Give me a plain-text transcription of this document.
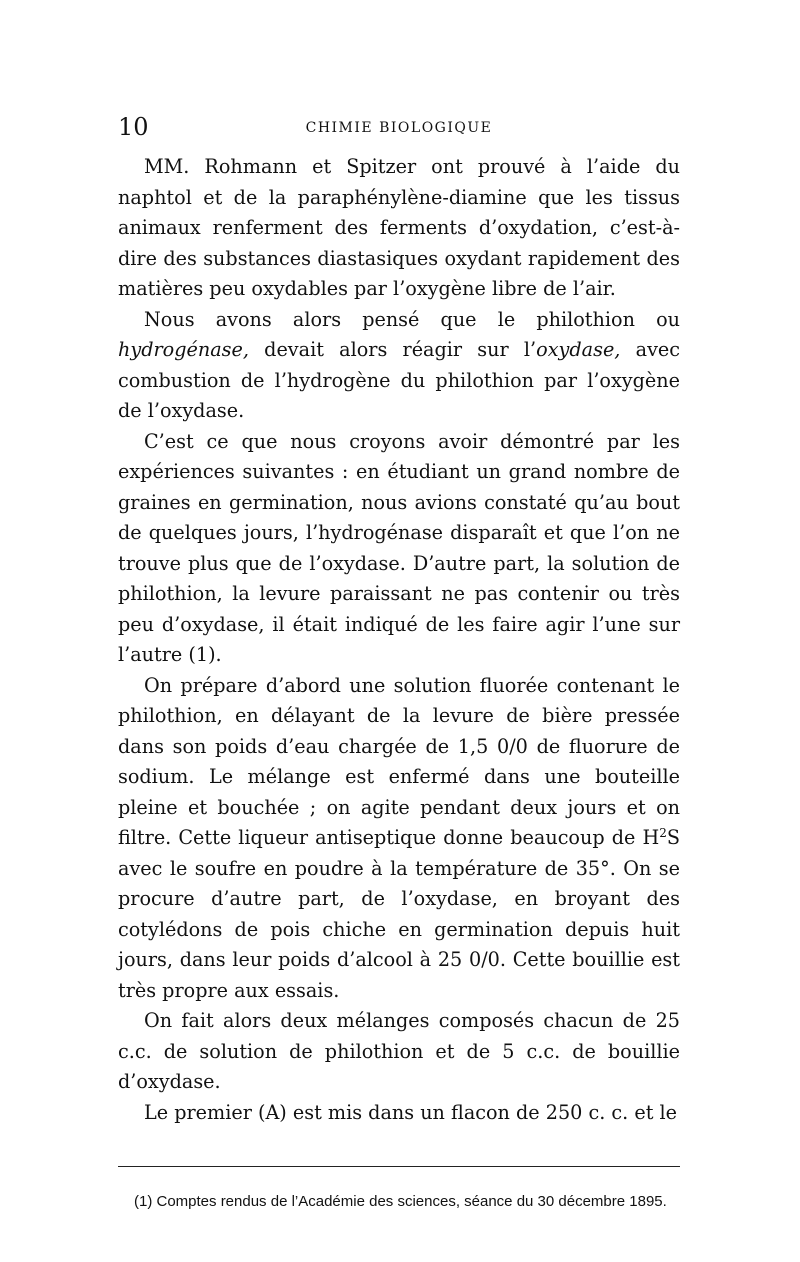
10	CHIMIE BIOLOGIQUE

MM. Rohmann et Spitzer ont prouvé à l’aide du naphtol et de la paraphénylène-diamine que les tissus animaux renferment des ferments d’oxydation, c’est-à-dire des substances diastasiques oxydant rapidement des matières peu oxydables par l’oxygène libre de l’air.

Nous avons alors pensé que le philothion ou hydrogénase, devait alors réagir sur l’oxydase, avec combustion de l’hydrogène du philothion par l’oxygène de l’oxydase.

C’est ce que nous croyons avoir démontré par les expériences suivantes : en étudiant un grand nombre de graines en germination, nous avions constaté qu’au bout de quelques jours, l’hydrogénase disparaît et que l’on ne trouve plus que de l’oxydase. D’autre part, la solution de philothion, la levure paraissant ne pas contenir ou très peu d’oxydase, il était indiqué de les faire agir l’une sur l’autre (1).

On prépare d’abord une solution fluorée contenant le philothion, en délayant de la levure de bière pressée dans son poids d’eau chargée de 1,5 0/0 de fluorure de sodium. Le mélange est enfermé dans une bouteille pleine et bouchée ; on agite pendant deux jours et on filtre. Cette liqueur antiseptique donne beaucoup de $H^2S$ avec le soufre en poudre à la température de 35°. On se procure d’autre part, de l’oxydase, en broyant des cotylédons de pois chiche en germination depuis huit jours, dans leur poids d’alcool à 25 0/0. Cette bouillie est très propre aux essais.

On fait alors deux mélanges composés chacun de 25 c.c. de solution de philothion et de 5 c.c. de bouillie d’oxydase.

Le premier (A) est mis dans un flacon de 250 c. c. et le

(1) Comptes rendus de l’Académie des sciences, séance du 30 décembre 1895.
